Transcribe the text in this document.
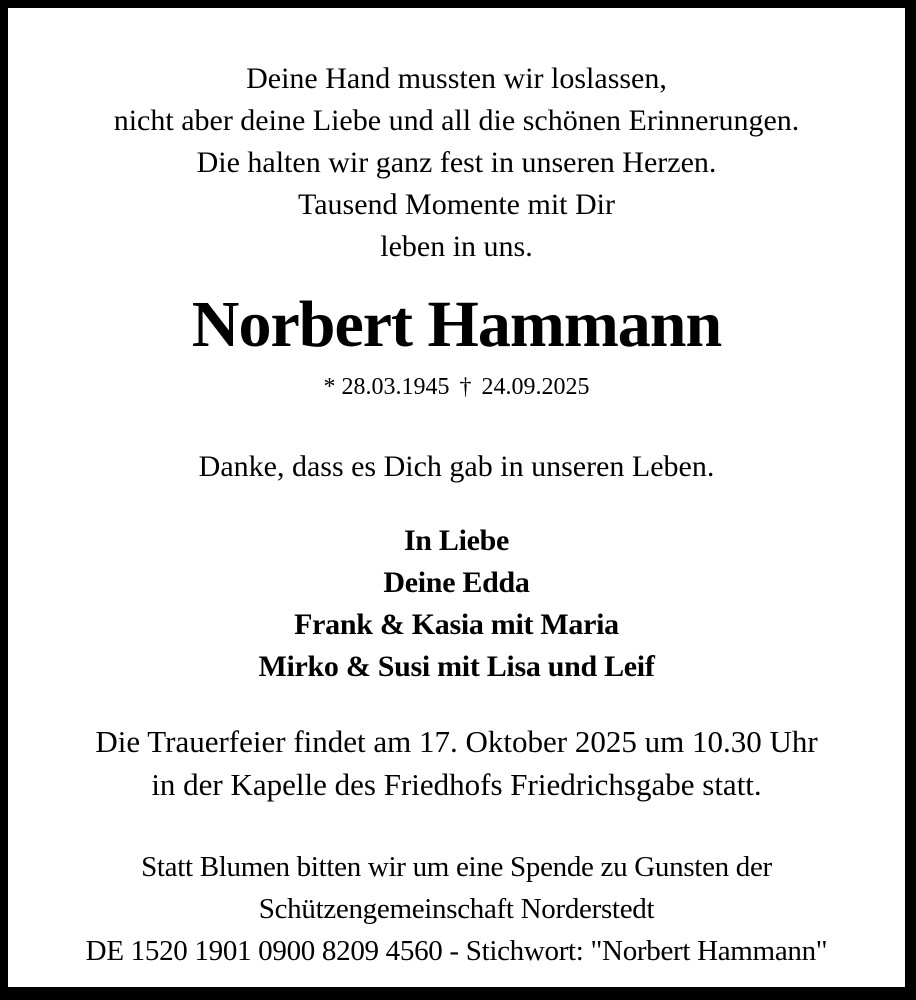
Deine Hand mussten wir loslassen,
nicht aber deine Liebe und all die schönen Erinnerungen.
Die halten wir ganz fest in unseren Herzen.
Tausend Momente mit Dir
leben in uns.
Norbert Hammann
* 28.03.1945 † 24.09.2025
Danke, dass es Dich gab in unseren Leben.
In Liebe
Deine Edda
Frank & Kasia mit Maria
Mirko & Susi mit Lisa und Leif
Die Trauerfeier findet am 17. Oktober 2025 um 10.30 Uhr
in der Kapelle des Friedhofs Friedrichsgabe statt.
Statt Blumen bitten wir um eine Spende zu Gunsten der
Schützengemeinschaft Norderstedt
DE 1520 1901 0900 8209 4560 - Stichwort: "Norbert Hammann"
